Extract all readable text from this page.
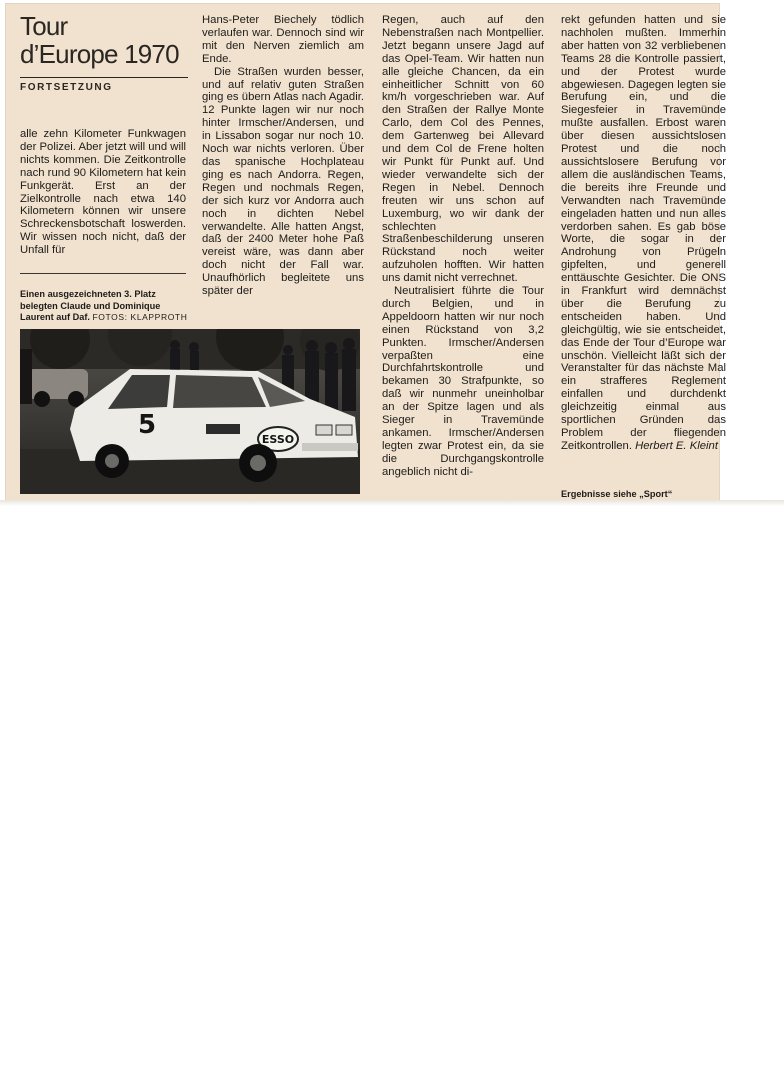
Tour
d’Europe 1970
FORTSETZUNG

alle zehn Kilometer Funkwagen der Polizei. Aber jetzt will und will nichts kommen. Die Zeitkontrolle nach rund 90 Kilometern hat kein Funkgerät. Erst an der Zielkontrolle nach etwa 140 Kilometern können wir unsere Schreckensbotschaft loswerden. Wir wissen noch nicht, daß der Unfall für

Einen ausgezeichneten 3. Platz belegten Claude und Dominique Laurent auf Daf. FOTOS: KLAPPROTH

Hans-Peter Biechely tödlich verlaufen war. Dennoch sind wir mit den Nerven ziemlich am Ende.

Die Straßen wurden besser, und auf relativ guten Straßen ging es übern Atlas nach Agadir. 12 Punkte lagen wir nur noch hinter Irmscher/Andersen, und in Lissabon sogar nur noch 10. Noch war nichts verloren. Über das spanische Hochplateau ging es nach Andorra. Regen, Regen und nochmals Regen, der sich kurz vor Andorra auch noch in dichten Nebel verwandelte. Alle hatten Angst, daß der 2400 Meter hohe Paß vereist wäre, was dann aber doch nicht der Fall war. Unaufhörlich begleitete uns später der

Regen, auch auf den Nebenstraßen nach Montpellier. Jetzt begann unsere Jagd auf das Opel-Team. Wir hatten nun alle gleiche Chancen, da ein einheitlicher Schnitt von 60 km/h vorgeschrieben war. Auf den Straßen der Rallye Monte Carlo, dem Col des Pennes, dem Gartenweg bei Allevard und dem Col de Frene holten wir Punkt für Punkt auf. Und wieder verwandelte sich der Regen in Nebel. Dennoch freuten wir uns schon auf Luxemburg, wo wir dank der schlechten Straßenbeschilderung unseren Rückstand noch weiter aufzuholen hofften. Wir hatten uns damit nicht verrechnet.

Neutralisiert führte die Tour durch Belgien, und in Appeldoorn hatten wir nur noch einen Rückstand von 3,2 Punkten. Irmscher/Andersen verpaßten eine Durchfahrtskontrolle und bekamen 30 Strafpunkte, so daß wir nunmehr uneinholbar an der Spitze lagen und als Sieger in Travemünde ankamen. Irmscher/Andersen legten zwar Protest ein, da sie die Durchgangskontrolle angeblich nicht di-

rekt gefunden hatten und sie nachholen mußten. Immerhin aber hatten von 32 verbliebenen Teams 28 die Kontrolle passiert, und der Protest wurde abgewiesen. Dagegen legten sie Berufung ein, und die Siegesfeier in Travemünde mußte ausfallen. Erbost waren über diesen aussichtslosen Protest und die noch aussichtslosere Berufung vor allem die ausländischen Teams, die bereits ihre Freunde und Verwandten nach Travemünde eingeladen hatten und nun alles verdorben sahen. Es gab böse Worte, die sogar in der Androhung von Prügeln gipfelten, und generell enttäuschte Gesichter. Die ONS in Frankfurt wird demnächst über die Berufung zu entscheiden haben. Und gleichgültig, wie sie entscheidet, das Ende der Tour d’Europe war unschön. Vielleicht läßt sich der Veranstalter für das nächste Mal ein strafferes Reglement einfallen und durchdenkt gleichzeitig einmal aus sportlichen Gründen das Problem der fliegenden Zeitkontrollen. Herbert E. Kleint

Ergebnisse siehe „Sport“
5	ESSO
